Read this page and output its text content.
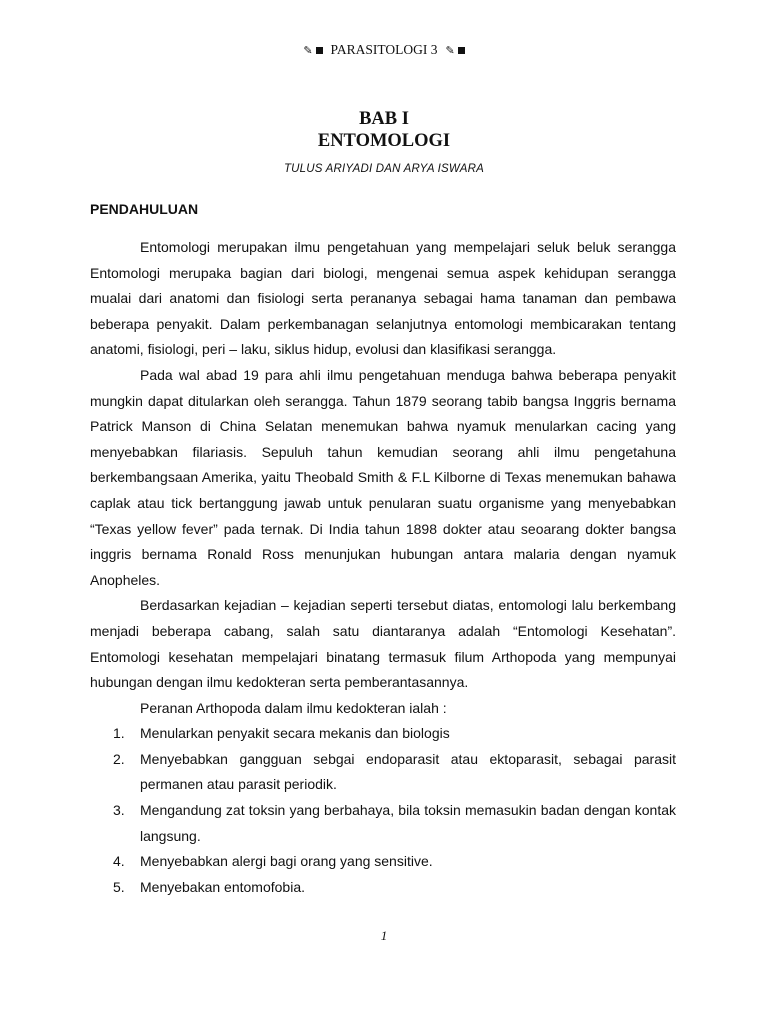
✎ PARASITOLOGI 3 ✎
BAB I
ENTOMOLOGI
TULUS ARIYADI DAN ARYA ISWARA
PENDAHULUAN

Entomologi merupakan ilmu pengetahuan yang mempelajari seluk beluk serangga Entomologi merupaka bagian dari biologi, mengenai semua aspek kehidupan serangga mualai dari anatomi dan fisiologi serta perananya sebagai hama tanaman dan pembawa beberapa penyakit. Dalam perkembanagan selanjutnya entomologi membicarakan tentang anatomi, fisiologi, peri – laku, siklus hidup, evolusi dan klasifikasi serangga.

Pada wal abad 19 para ahli ilmu pengetahuan menduga bahwa beberapa penyakit mungkin dapat ditularkan oleh serangga. Tahun 1879 seorang tabib bangsa Inggris bernama Patrick Manson di China Selatan menemukan bahwa nyamuk menularkan cacing yang menyebabkan filariasis. Sepuluh tahun kemudian seorang ahli ilmu pengetahuna berkembangsaan Amerika, yaitu Theobald Smith & F.L Kilborne di Texas menemukan bahawa caplak atau tick bertanggung jawab untuk penularan suatu organisme yang menyebabkan “Texas yellow fever” pada ternak. Di India tahun 1898 dokter atau seoarang dokter bangsa inggris bernama Ronald Ross menunjukan hubungan antara malaria dengan nyamuk Anopheles.

Berdasarkan kejadian – kejadian seperti tersebut diatas, entomologi lalu berkembang menjadi beberapa cabang, salah satu diantaranya adalah “Entomologi Kesehatan”. Entomologi kesehatan mempelajari binatang termasuk filum Arthopoda yang mempunyai hubungan dengan ilmu kedokteran serta pemberantasannya.

Peranan Arthopoda dalam ilmu kedokteran ialah :

1. Menularkan penyakit secara mekanis dan biologis
2. Menyebabkan gangguan sebgai endoparasit atau ektoparasit, sebagai parasit permanen atau parasit periodik.
3. Mengandung zat toksin yang berbahaya, bila toksin memasukin badan dengan kontak langsung.
4. Menyebabkan alergi bagi orang yang sensitive.
5. Menyebakan entomofobia.
1
